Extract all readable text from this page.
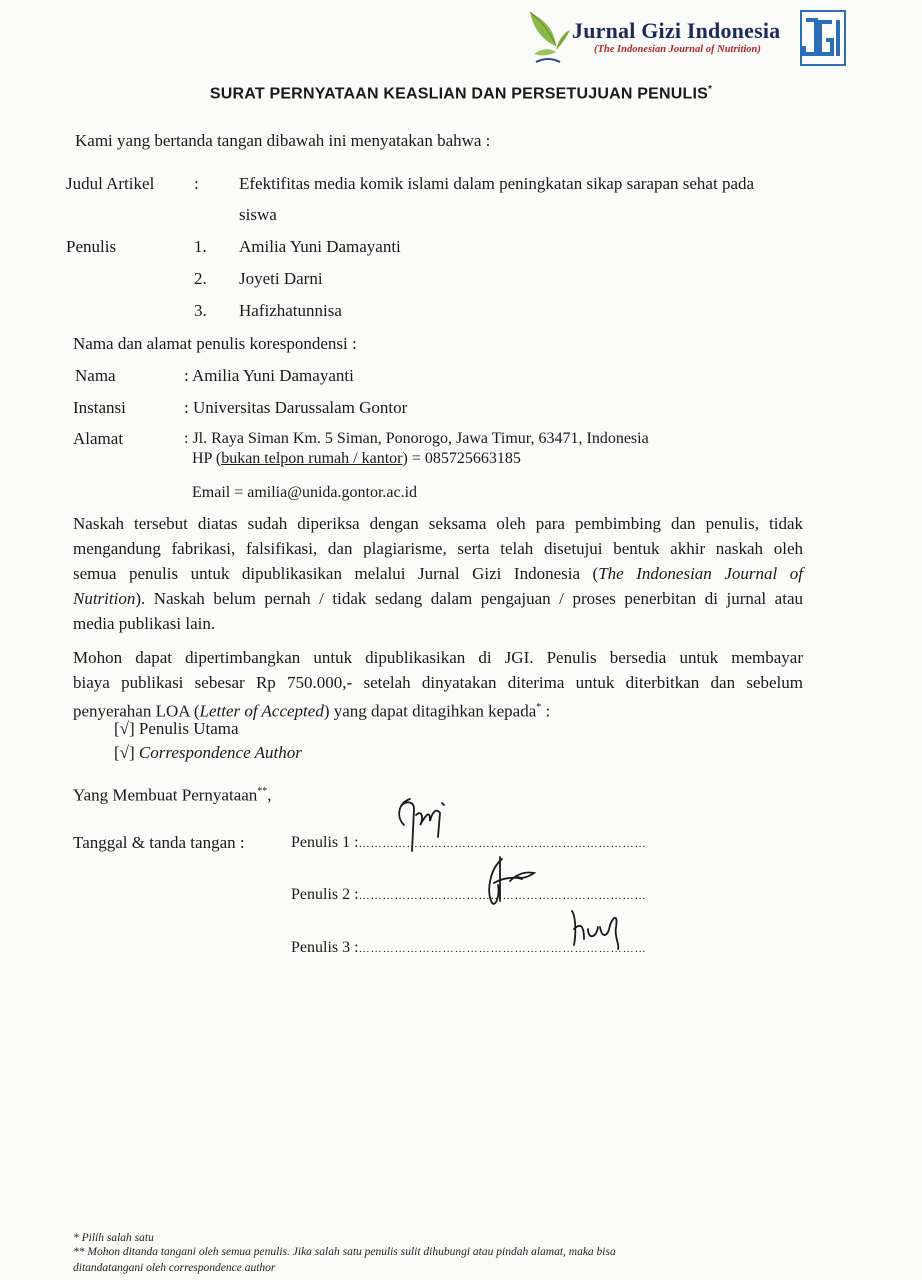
Jurnal Gizi Indonesia
(The Indonesian Journal of Nutrition)
SURAT PERNYATAAN KEASLIAN DAN PERSETUJUAN PENULIS*
Kami yang bertanda tangan dibawah ini menyatakan bahwa :
Judul Artikel : Efektifitas media komik islami dalam peningkatan sikap sarapan sehat pada
siswa
Penulis	1. Amilia Yuni Damayanti
2. Joyeti Darni
3. Hafizhatunnisa
Nama dan alamat penulis korespondensi :
Nama	: Amilia Yuni Damayanti
Instansi	: Universitas Darussalam Gontor
Alamat	: Jl. Raya Siman Km. 5 Siman, Ponorogo, Jawa Timur, 63471, Indonesia
HP (bukan telpon rumah / kantor) = 085725663185
Email = amilia@unida.gontor.ac.id
Naskah tersebut diatas sudah diperiksa dengan seksama oleh para pembimbing dan penulis, tidak
mengandung fabrikasi, falsifikasi, dan plagiarisme, serta telah disetujui bentuk akhir naskah oleh
semua penulis untuk dipublikasikan melalui Jurnal Gizi Indonesia (The Indonesian Journal of
Nutrition). Naskah belum pernah / tidak sedang dalam pengajuan / proses penerbitan di jurnal atau
media publikasi lain.
Mohon dapat dipertimbangkan untuk dipublikasikan di JGI. Penulis bersedia untuk membayar
biaya publikasi sebesar Rp 750.000,- setelah dinyatakan diterima untuk diterbitkan dan sebelum
penyerahan LOA (Letter of Accepted) yang dapat ditagihkan kepada* :
[√] Penulis Utama
[√] Correspondence Author
Yang Membuat Pernyataan**,
Tanggal & tanda tangan :	Penulis 1 :………………………………………………………………
Penulis 2 :………………………………………………………………
Penulis 3 :………………………………………………………………
* Pilih salah satu
** Mohon ditanda tangani oleh semua penulis. Jika salah satu penulis sulit dihubungi atau pindah alamat, maka bisa
ditandatangani oleh correspondence author
